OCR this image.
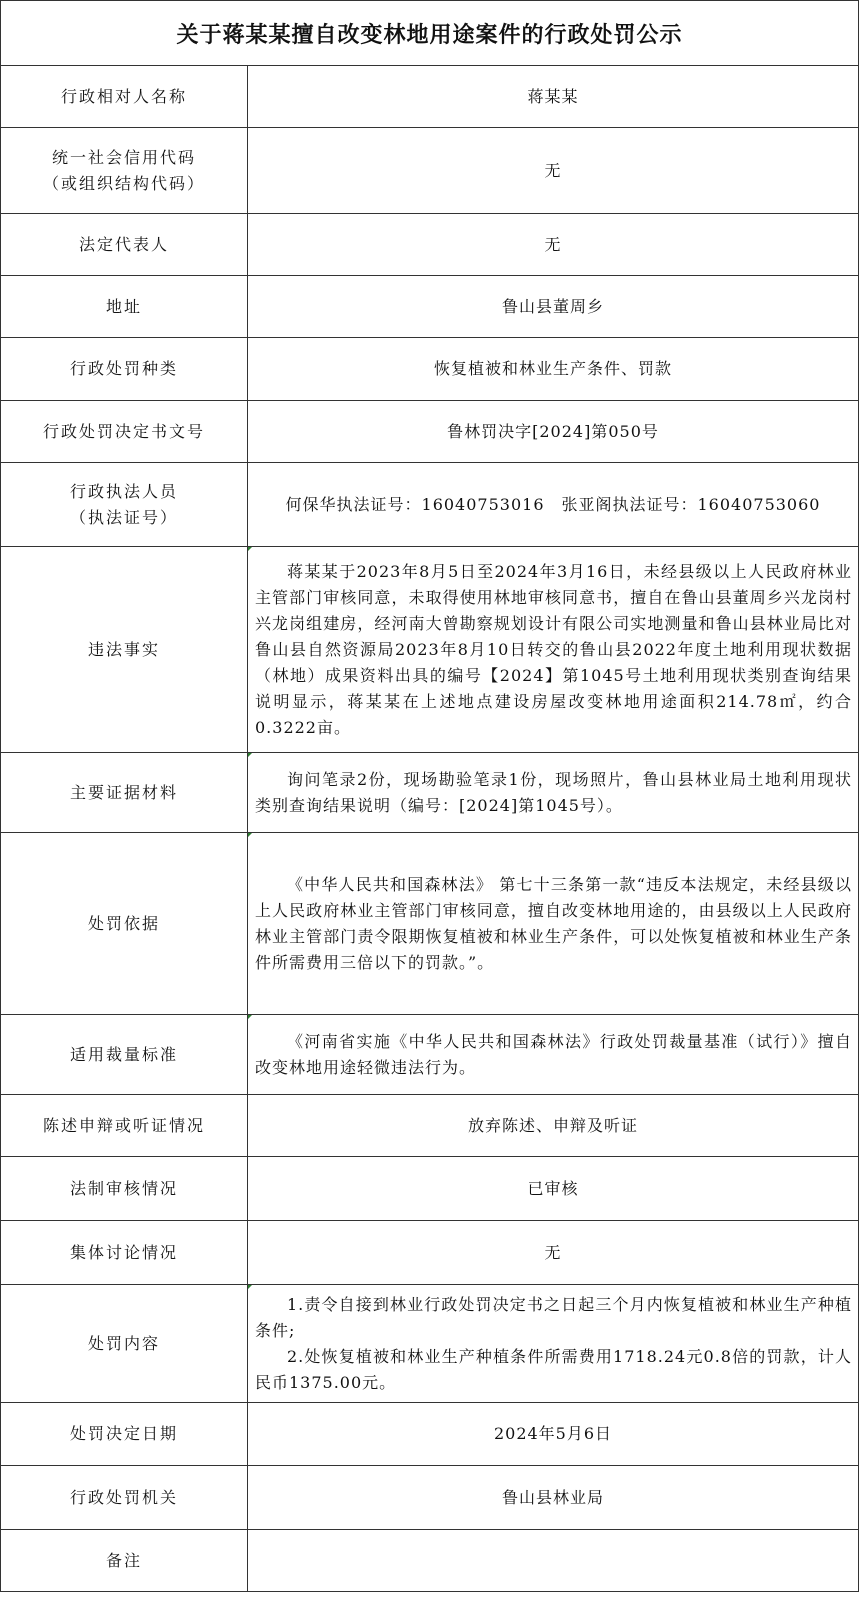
关于蒋某某擅自改变林地用途案件的行政处罚公示
行政相对人名称	蒋某某

统一社会信用代码
（或组织结构代码）	无
法定代表人	无
地址	鲁山县董周乡
行政处罚种类	恢复植被和林业生产条件、罚款
行政处罚决定书文号	鲁林罚决字[2024]第050号

行政执法人员
（执法证号）	何保华执法证号：16040753016　张亚阁执法证号：16040753060
违法事实	蒋某某于2023年8月5日至2024年3月16日，未经县级以上人民政府林业主管部门审核同意，未取得使用林地审核同意书，擅自在鲁山县董周乡兴龙岗村兴龙岗组建房，经河南大曾勘察规划设计有限公司实地测量和鲁山县林业局比对鲁山县自然资源局2023年8月10日转交的鲁山县2022年度土地利用现状数据（林地）成果资料出具的编号【2024】第1045号土地利用现状类别查询结果说明显示，蒋某某在上述地点建设房屋改变林地用途面积214.78㎡，约合0.3222亩。

主要证据材料	询问笔录2份，现场勘验笔录1份，现场照片，鲁山县林业局土地利用现状类别查询结果说明（编号：[2024]第1045号）。

处罚依据	《中华人民共和国森林法》 第七十三条第一款“违反本法规定，未经县级以上人民政府林业主管部门审核同意，擅自改变林地用途的，由县级以上人民政府林业主管部门责令限期恢复植被和林业生产条件，可以处恢复植被和林业生产条件所需费用三倍以下的罚款。”。

适用裁量标准	《河南省实施《中华人民共和国森林法》行政处罚裁量基准（试行）》擅自改变林地用途轻微违法行为。

陈述申辩或听证情况	放弃陈述、申辩及听证
法制审核情况	已审核
集体讨论情况	无
处罚内容	1.责令自接到林业行政处罚决定书之日起三个月内恢复植被和林业生产种植条件;
2.处恢复植被和林业生产种植条件所需费用1718.24元0.8倍的罚款，计人民币1375.00元。

处罚决定日期	2024年5月6日
行政处罚机关	鲁山县林业局
备注	
